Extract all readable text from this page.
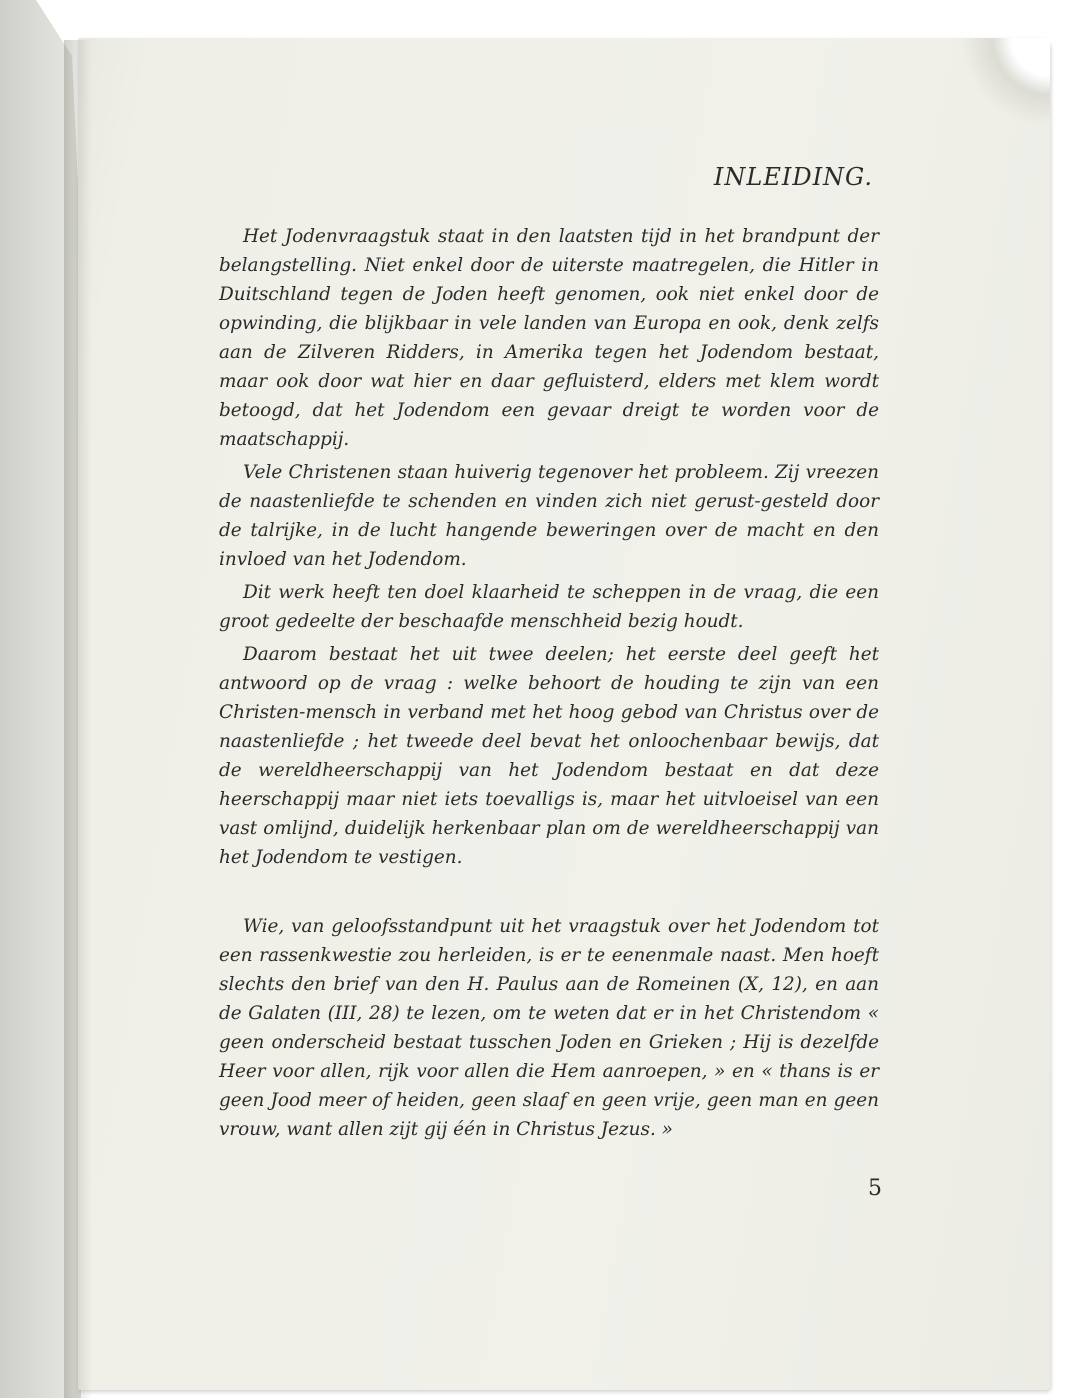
INLEIDING.

Het Jodenvraagstuk staat in den laatsten tijd in het brandpunt der belangstelling. Niet enkel door de uiterste maatregelen, die Hitler in Duitschland tegen de Joden heeft genomen, ook niet enkel door de opwinding, die blijkbaar in vele landen van Europa en ook, denk zelfs aan de Zilveren Ridders, in Amerika tegen het Jodendom bestaat, maar ook door wat hier en daar gefluisterd, elders met klem wordt betoogd, dat het Jodendom een gevaar dreigt te worden voor de maatschappij.

Vele Christenen staan huiverig tegenover het probleem. Zij vreezen de naastenliefde te schenden en vinden zich niet gerust-gesteld door de talrijke, in de lucht hangende beweringen over de macht en den invloed van het Jodendom.

Dit werk heeft ten doel klaarheid te scheppen in de vraag, die een groot gedeelte der beschaafde menschheid bezig houdt.

Daarom bestaat het uit twee deelen; het eerste deel geeft het antwoord op de vraag : welke behoort de houding te zijn van een Christen-mensch in verband met het hoog gebod van Christus over de naastenliefde ; het tweede deel bevat het onloochenbaar bewijs, dat de wereldheerschappij van het Jodendom bestaat en dat deze heerschappij maar niet iets toevalligs is, maar het uitvloeisel van een vast omlijnd, duidelijk herkenbaar plan om de wereldheerschappij van het Jodendom te vestigen.

Wie, van geloofsstandpunt uit het vraagstuk over het Jodendom tot een rassenkwestie zou herleiden, is er te eenenmale naast. Men hoeft slechts den brief van den H. Paulus aan de Romeinen (X, 12), en aan de Galaten (III, 28) te lezen, om te weten dat er in het Christendom « geen onderscheid bestaat tusschen Joden en Grieken ; Hij is dezelfde Heer voor allen, rijk voor allen die Hem aanroepen, » en « thans is er geen Jood meer of heiden, geen slaaf en geen vrije, geen man en geen vrouw, want allen zijt gij één in Christus Jezus. »

5
